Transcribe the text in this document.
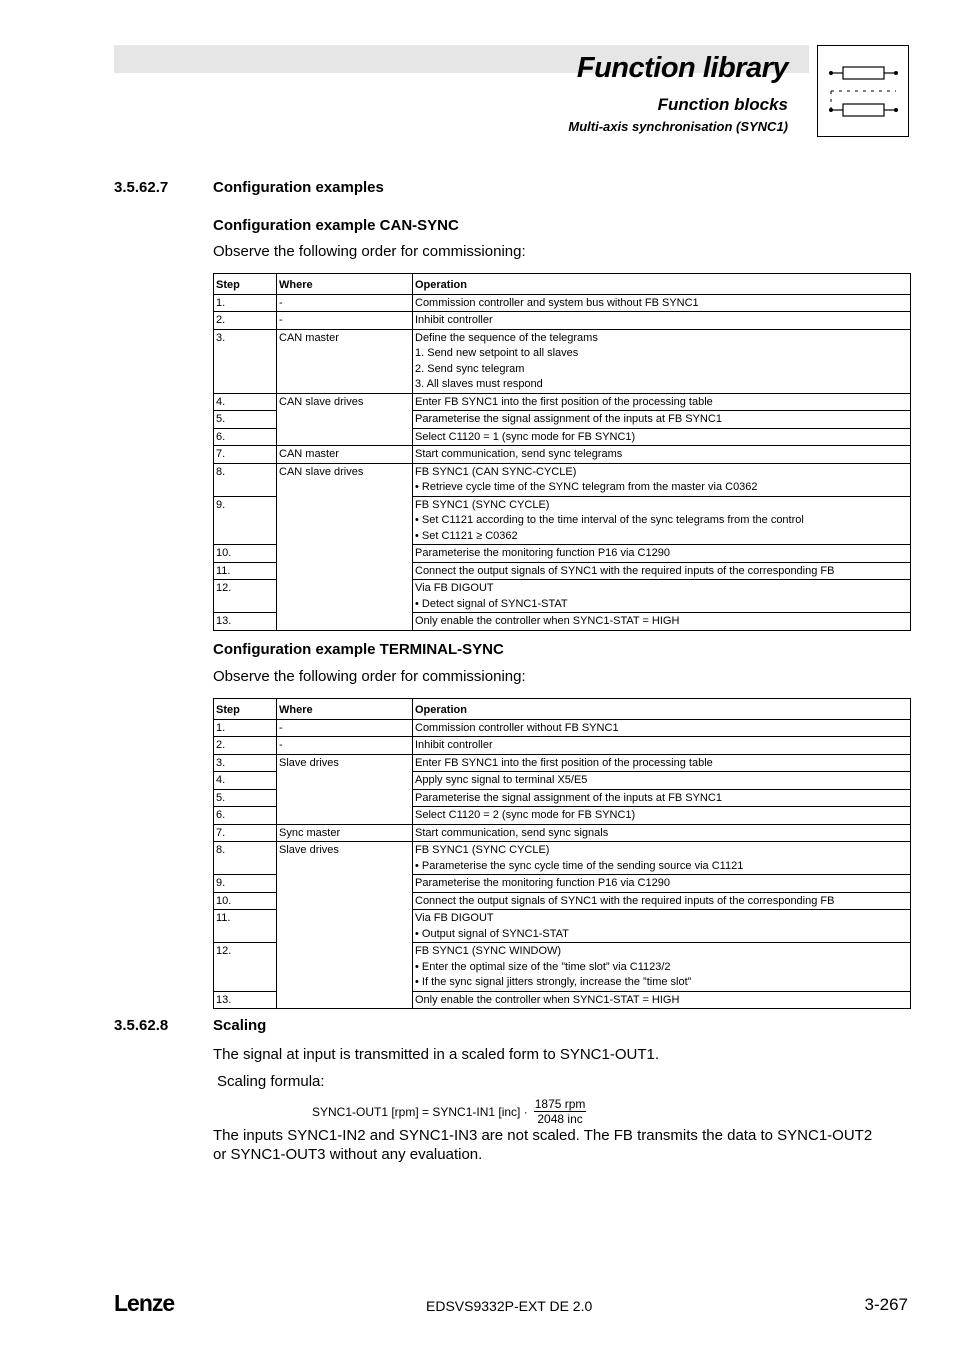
Function library
Function blocks
Multi-axis synchronisation (SYNC1)
3.5.62.7	Configuration examples
Configuration example CAN-SYNC
Observe the following order for commissioning:
Step	Where	Operation
1.	-	Commission controller and system bus without FB SYNC1

2.	-	Inhibit controller

3.	CAN master	Define the sequence of the telegrams
1. Send new setpoint to all slaves
2. Send sync telegram
3. All slaves must respond

4.	CAN slave drives	Enter FB SYNC1 into the first position of the processing table

5.		Parameterise the signal assignment of the inputs at FB SYNC1

6.		Select C1120 = 1 (sync mode for FB SYNC1)

7.	CAN master	Start communication, send sync telegrams

8.	CAN slave drives	FB SYNC1 (CAN SYNC-CYCLE)
• Retrieve cycle time of the SYNC telegram from the master via C0362

9.		FB SYNC1 (SYNC CYCLE)
• Set C1121 according to the time interval of the sync telegrams from the control
• Set C1121 ≥ C0362

10.		Parameterise the monitoring function P16 via C1290

11.		Connect the output signals of SYNC1 with the required inputs of the corresponding FB

12.		Via FB DIGOUT
• Detect signal of SYNC1-STAT

13.		Only enable the controller when SYNC1-STAT = HIGH
Configuration example TERMINAL-SYNC
Observe the following order for commissioning:
Step	Where	Operation
1.	-	Commission controller without FB SYNC1

2.	-	Inhibit controller

3.	Slave drives	Enter FB SYNC1 into the first position of the processing table

4.		Apply sync signal to terminal X5/E5

5.		Parameterise the signal assignment of the inputs at FB SYNC1

6.		Select C1120 = 2 (sync mode for FB SYNC1)

7.	Sync master	Start communication, send sync signals

8.	Slave drives	FB SYNC1 (SYNC CYCLE)
• Parameterise the sync cycle time of the sending source via C1121

9.		Parameterise the monitoring function P16 via C1290

10.		Connect the output signals of SYNC1 with the required inputs of the corresponding FB

11.		Via FB DIGOUT
• Output signal of SYNC1-STAT

12.		FB SYNC1 (SYNC WINDOW)
• Enter the optimal size of the ”time slot” via C1123/2
• If the sync signal jitters strongly, increase the ”time slot”

13.		Only enable the controller when SYNC1-STAT = HIGH
3.5.62.8	Scaling
The signal at input is transmitted in a scaled form to SYNC1-OUT1.
Scaling formula:
SYNC1-OUT1 [rpm] = SYNC1-IN1 $[inc] \cdot \frac{\text{1875 rpm}}{\text{2048 inc}}$
The inputs SYNC1-IN2 and SYNC1-IN3 are not scaled. The FB transmits the data to SYNC1-OUT2
or SYNC1-OUT3 without any evaluation.
Lenze	EDSVS9332P-EXT DE 2.0	3-267
